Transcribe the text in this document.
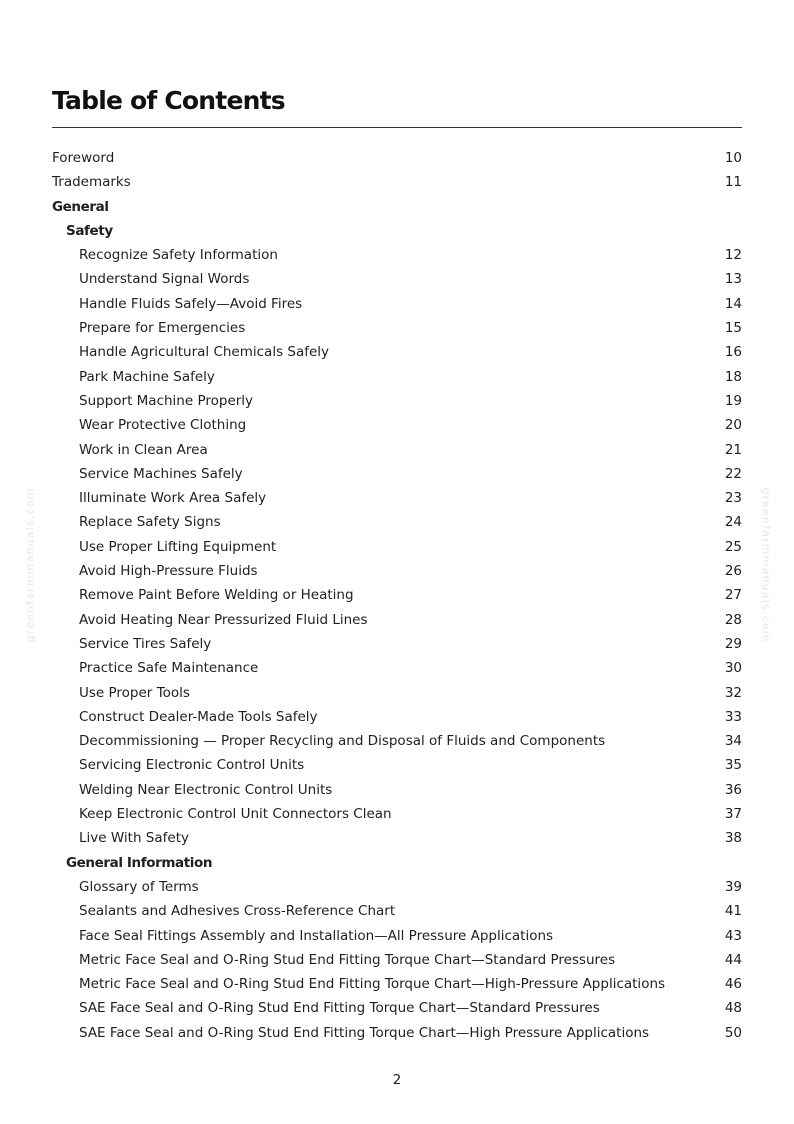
Table of Contents
Foreword	10
Trademarks	11
General
Safety
Recognize Safety Information	12
Understand Signal Words	13
Handle Fluids Safely—Avoid Fires	14
Prepare for Emergencies	15
Handle Agricultural Chemicals Safely	16
Park Machine Safely	18
Support Machine Properly	19
Wear Protective Clothing	20
Work in Clean Area	21
Service Machines Safely	22
Illuminate Work Area Safely	23
Replace Safety Signs	24
Use Proper Lifting Equipment	25
Avoid High-Pressure Fluids	26
Remove Paint Before Welding or Heating	27
Avoid Heating Near Pressurized Fluid Lines	28
Service Tires Safely	29
Practice Safe Maintenance	30
Use Proper Tools	32
Construct Dealer-Made Tools Safely	33
Decommissioning — Proper Recycling and Disposal of Fluids and Components	34
Servicing Electronic Control Units	35
Welding Near Electronic Control Units	36
Keep Electronic Control Unit Connectors Clean	37
Live With Safety	38
General Information
Glossary of Terms	39
Sealants and Adhesives Cross-Reference Chart	41
Face Seal Fittings Assembly and Installation—All Pressure Applications	43
Metric Face Seal and O-Ring Stud End Fitting Torque Chart—Standard Pressures	44
Metric Face Seal and O-Ring Stud End Fitting Torque Chart—High-Pressure Applications	46
SAE Face Seal and O-Ring Stud End Fitting Torque Chart—Standard Pressures	48
SAE Face Seal and O-Ring Stud End Fitting Torque Chart—High Pressure Applications	50
2
greenfarmmanuals.com	greenfarmmanuals.com
